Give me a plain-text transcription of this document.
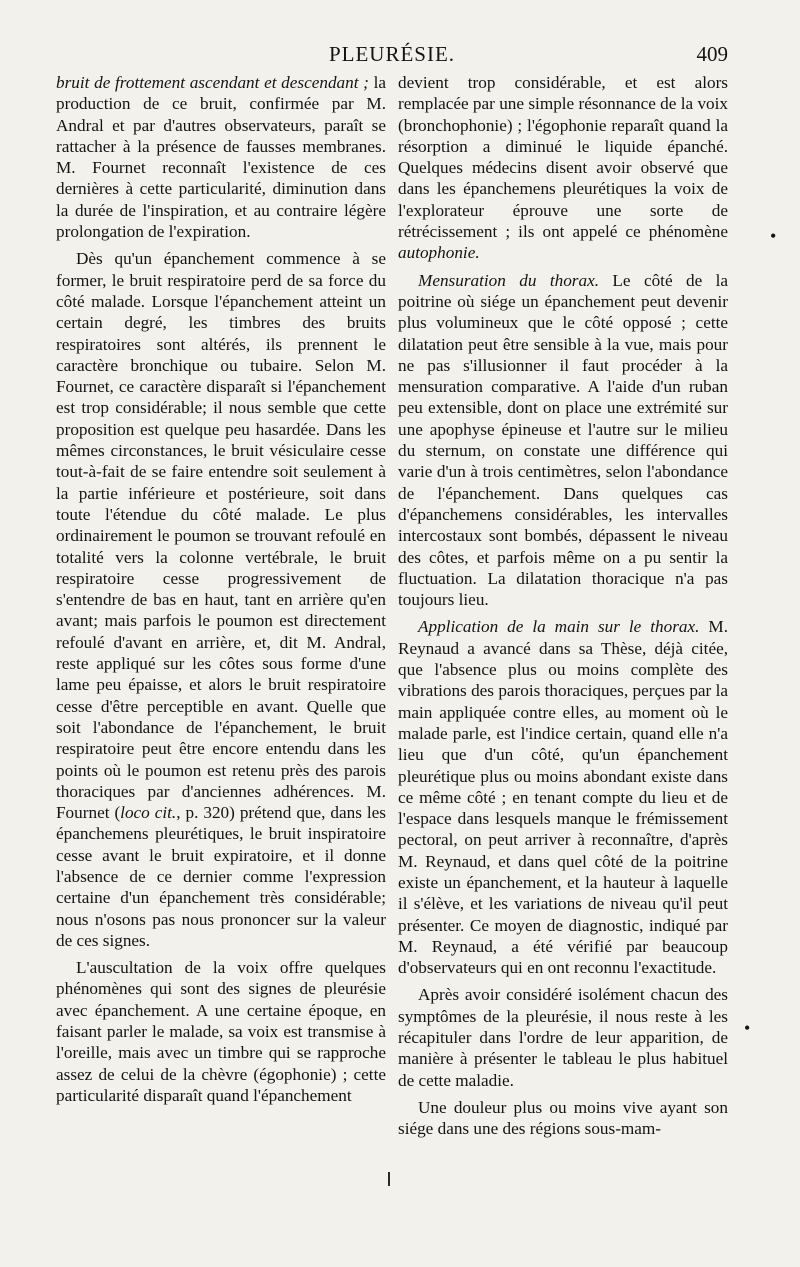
PLEURÉSIE.	409

bruit de frottement ascendant et descendant ; la production de ce bruit, confirmée par M. Andral et par d'autres observateurs, paraît se rattacher à la présence de fausses membranes. M. Fournet reconnaît l'existence de ces dernières à cette particularité, diminution dans la durée de l'inspiration, et au contraire légère prolongation de l'expiration.

Dès qu'un épanchement commence à se former, le bruit respiratoire perd de sa force du côté malade. Lorsque l'épanchement atteint un certain degré, les timbres des bruits respiratoires sont altérés, ils prennent le caractère bronchique ou tubaire. Selon M. Fournet, ce caractère disparaît si l'épanchement est trop considérable; il nous semble que cette proposition est quelque peu hasardée. Dans les mêmes circonstances, le bruit vésiculaire cesse tout-à-fait de se faire entendre soit seulement à la partie inférieure et postérieure, soit dans toute l'étendue du côté malade. Le plus ordinairement le poumon se trouvant refoulé en totalité vers la colonne vertébrale, le bruit respiratoire cesse progressivement de s'entendre de bas en haut, tant en arrière qu'en avant; mais parfois le poumon est directement refoulé d'avant en arrière, et, dit M. Andral, reste appliqué sur les côtes sous forme d'une lame peu épaisse, et alors le bruit respiratoire cesse d'être perceptible en avant. Quelle que soit l'abondance de l'épanchement, le bruit respiratoire peut être encore entendu dans les points où le poumon est retenu près des parois thoraciques par d'anciennes adhérences. M. Fournet (loco cit., p. 320) prétend que, dans les épanchemens pleurétiques, le bruit inspiratoire cesse avant le bruit expiratoire, et il donne l'absence de ce dernier comme l'expression certaine d'un épanchement très considérable; nous n'osons pas nous prononcer sur la valeur de ces signes.

L'auscultation de la voix offre quelques phénomènes qui sont des signes de pleurésie avec épanchement. A une certaine époque, en faisant parler le malade, sa voix est transmise à l'oreille, mais avec un timbre qui se rapproche assez de celui de la chèvre (égophonie) ; cette particularité disparaît quand l'épanchement

devient trop considérable, et est alors remplacée par une simple résonnance de la voix (bronchophonie) ; l'égophonie reparaît quand la résorption a diminué le liquide épanché. Quelques médecins disent avoir observé que dans les épanchemens pleurétiques la voix de l'explorateur éprouve une sorte de rétrécissement ; ils ont appelé ce phénomène autophonie.

Mensuration du thorax. Le côté de la poitrine où siége un épanchement peut devenir plus volumineux que le côté opposé ; cette dilatation peut être sensible à la vue, mais pour ne pas s'illusionner il faut procéder à la mensuration comparative. A l'aide d'un ruban peu extensible, dont on place une extrémité sur une apophyse épineuse et l'autre sur le milieu du sternum, on constate une différence qui varie d'un à trois centimètres, selon l'abondance de l'épanchement. Dans quelques cas d'épanchemens considérables, les intervalles intercostaux sont bombés, dépassent le niveau des côtes, et parfois même on a pu sentir la fluctuation. La dilatation thoracique n'a pas toujours lieu.

Application de la main sur le thorax. M. Reynaud a avancé dans sa Thèse, déjà citée, que l'absence plus ou moins complète des vibrations des parois thoraciques, perçues par la main appliquée contre elles, au moment où le malade parle, est l'indice certain, quand elle n'a lieu que d'un côté, qu'un épanchement pleurétique plus ou moins abondant existe dans ce même côté ; en tenant compte du lieu et de l'espace dans lesquels manque le frémissement pectoral, on peut arriver à reconnaître, d'après M. Reynaud, et dans quel côté de la poitrine existe un épanchement, et la hauteur à laquelle il s'élève, et les variations de niveau qu'il peut présenter. Ce moyen de diagnostic, indiqué par M. Reynaud, a été vérifié par beaucoup d'observateurs qui en ont reconnu l'exactitude.

Après avoir considéré isolément chacun des symptômes de la pleurésie, il nous reste à les récapituler dans l'ordre de leur apparition, de manière à présenter le tableau le plus habituel de cette maladie.

Une douleur plus ou moins vive ayant son siége dans une des régions sous-mam-

•
•
